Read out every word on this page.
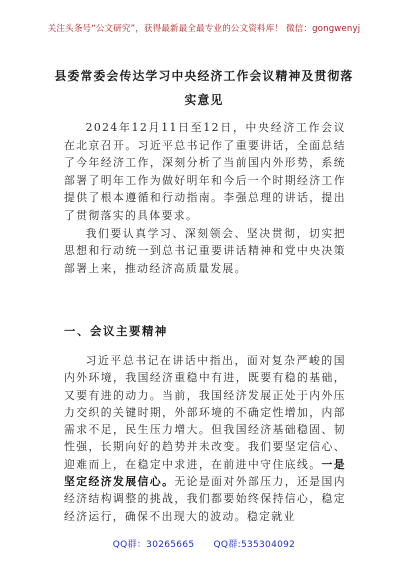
关注头条号“公文研究”，获得最新最全最专业的公文资料库！ 微信：gongwenyj
县委常委会传达学习中央经济工作会议精神及贯彻落实意见

2024年12月11日至12日，中央经济工作会议在北京召开。习近平总书记作了重要讲话，全面总结了今年经济工作，深刻分析了当前国内外形势，系统部署了明年工作为做好明年和今后一个时期经济工作提供了根本遵循和行动指南。李强总理的讲话，提出了贯彻落实的具体要求。

我们要认真学习、深刻领会、坚决贯彻，切实把思想和行动统一到总书记重要讲话精神和党中央决策部署上来，推动经济高质量发展。

一、会议主要精神

习近平总书记在讲话中指出，面对复杂严峻的国内外环境，我国经济重稳中有进，既要有稳的基础，又要有进的动力。当前，我国经济发展正处于内外压力交织的关键时期，外部环境的不确定性增加，内部需求不足，民生压力增大。但我国经济基础稳固、韧性强，长期向好的趋势并未改变。我们要坚定信心、迎难而上，在稳定中求进，在前进中守住底线。一是坚定经济发展信心。无论是面对外部压力，还是国内经济结构调整的挑战，我们都要始终保持信心，稳定经济运行，确保不出现大的波动。稳定就业

QQ群：30265665 QQ群:535304092
